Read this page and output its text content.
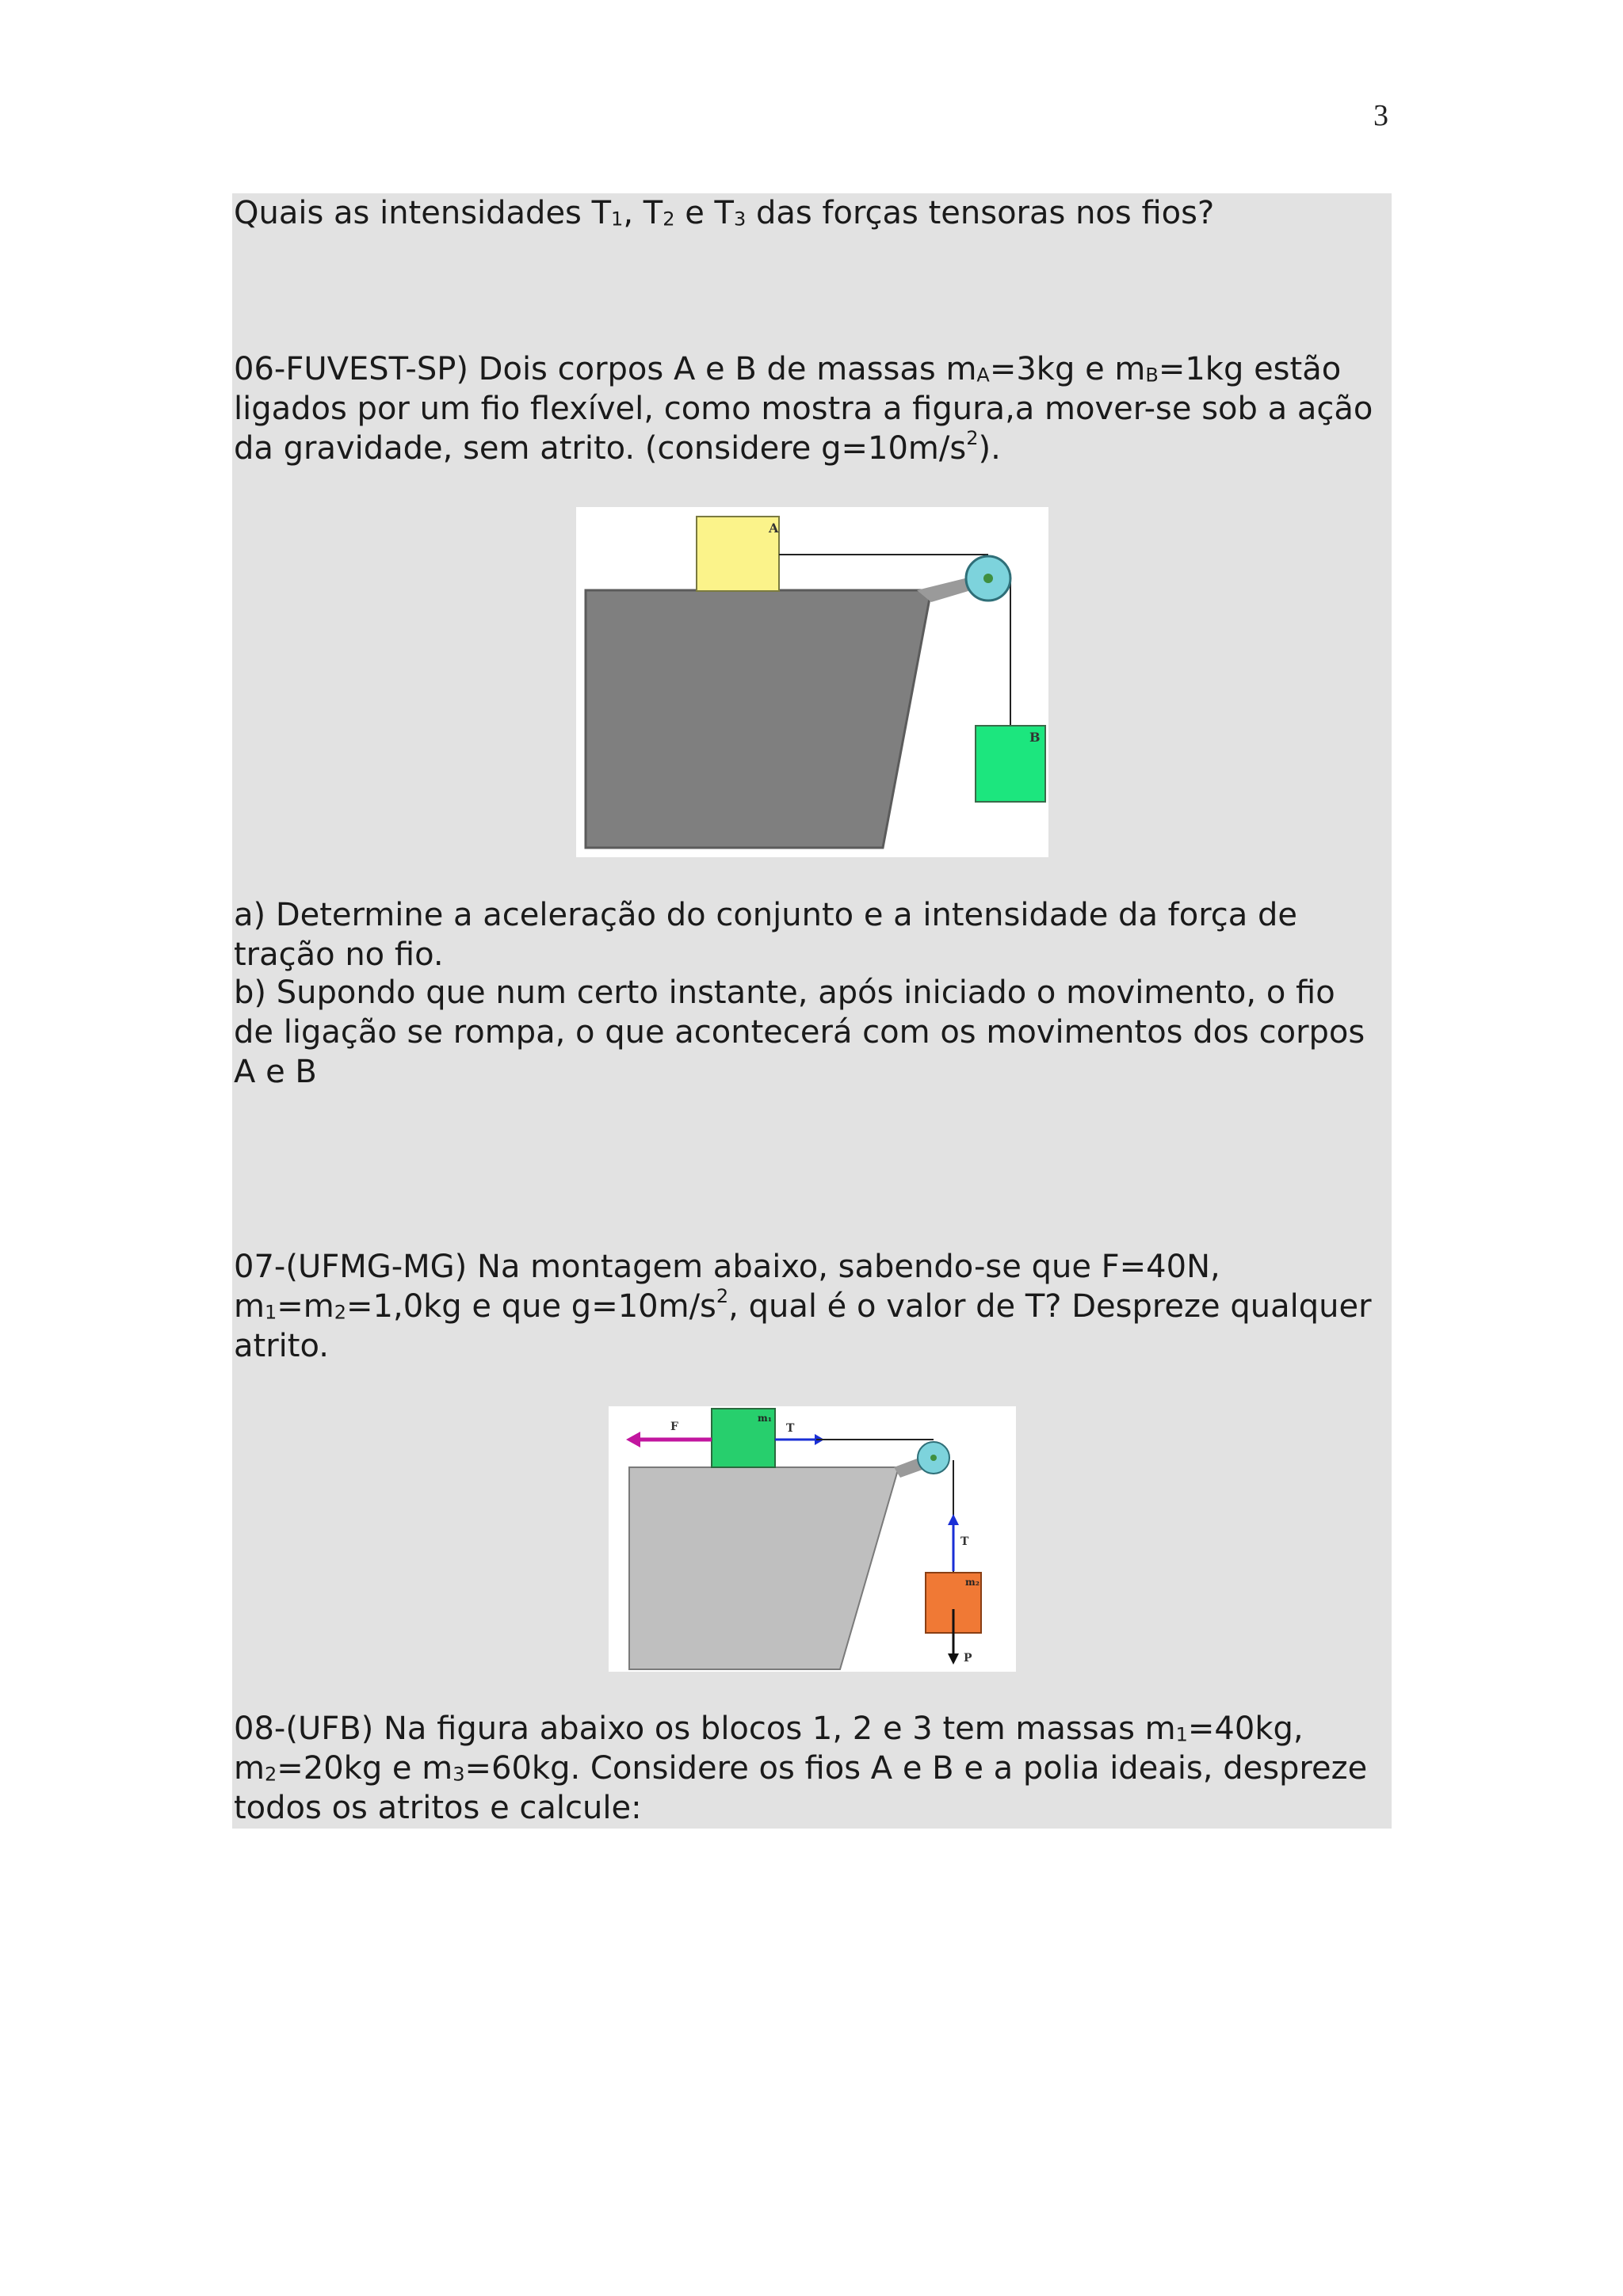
3

Quais as intensidades T1, T2 e T3 das forças tensoras nos fios?

06-FUVEST-SP) Dois corpos A e B de massas mA=3kg e mB=1kg estão ligados por um fio flexível, como mostra a figura,a mover-se sob a ação da gravidade, sem atrito. (considere $g=10m/s^2$).

A
B

a) Determine a aceleração do conjunto e a intensidade da força de tração no fio.

b) Supondo que num certo instante, após iniciado o movimento, o fio de ligação se rompa, o que acontecerá com os movimentos dos corpos A e B

07-(UFMG-MG) Na montagem abaixo, sabendo-se que F=40N, m1=m2=1,0kg e que $g=10m/s^2$, qual é o valor de T? Despreze qualquer atrito.

m₁
F	T
T
m₂
P

08-(UFB) Na figura abaixo os blocos 1, 2 e 3 tem massas m1=40kg, m2=20kg e m3=60kg. Considere os fios A e B e a polia ideais, despreze todos os atritos e calcule:
